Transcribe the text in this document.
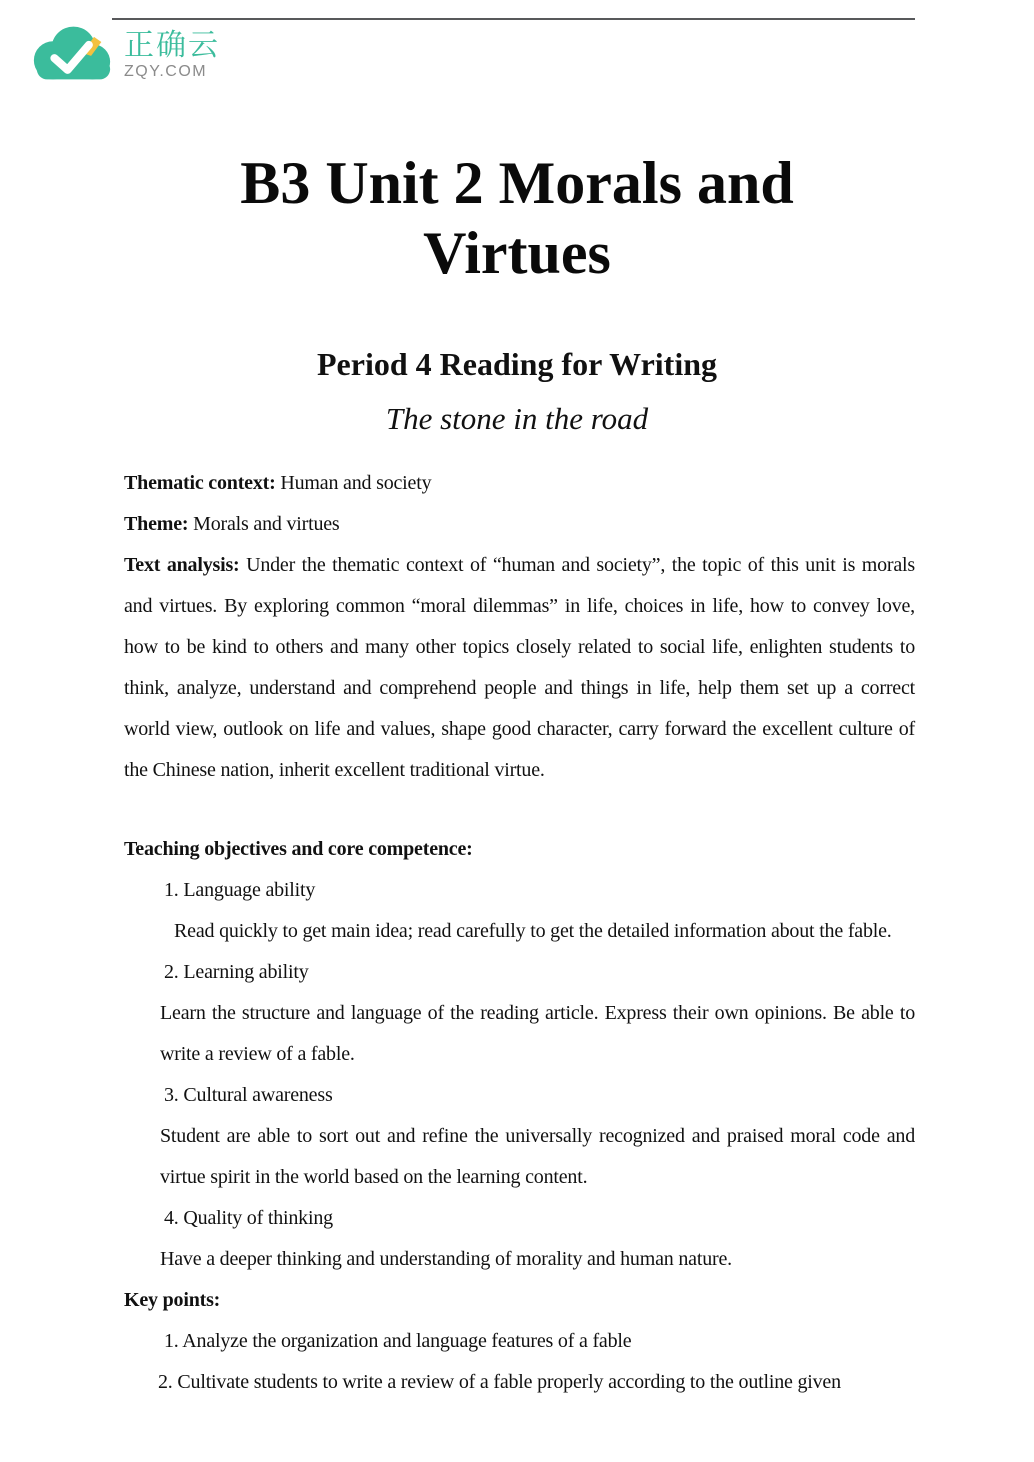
正确云
ZQY.COM
B3 Unit 2 Morals and
Virtues
Period 4 Reading for Writing
The stone in the road

Thematic context: Human and society

Theme: Morals and virtues

Text analysis: Under the thematic context of “human and society”, the topic of this unit is morals and virtues. By exploring common “moral dilemmas” in life, choices in life, how to convey love, how to be kind to others and many other topics closely related to social life, enlighten students to think, analyze, understand and comprehend people and things in life, help them set up a correct world view, outlook on life and values, shape good character, carry forward the excellent culture of the Chinese nation, inherit excellent traditional virtue.

Teaching objectives and core competence:

1. Language ability

Read quickly to get main idea; read carefully to get the detailed information about the fable.

2. Learning ability

Learn the structure and language of the reading article. Express their own opinions. Be able to write a review of a fable.

3. Cultural awareness

Student are able to sort out and refine the universally recognized and praised moral code and virtue spirit in the world based on the learning content.

4. Quality of thinking

Have a deeper thinking and understanding of morality and human nature.

Key points:

1. Analyze the organization and language features of a fable

2. Cultivate students to write a review of a fable properly according to the outline given
